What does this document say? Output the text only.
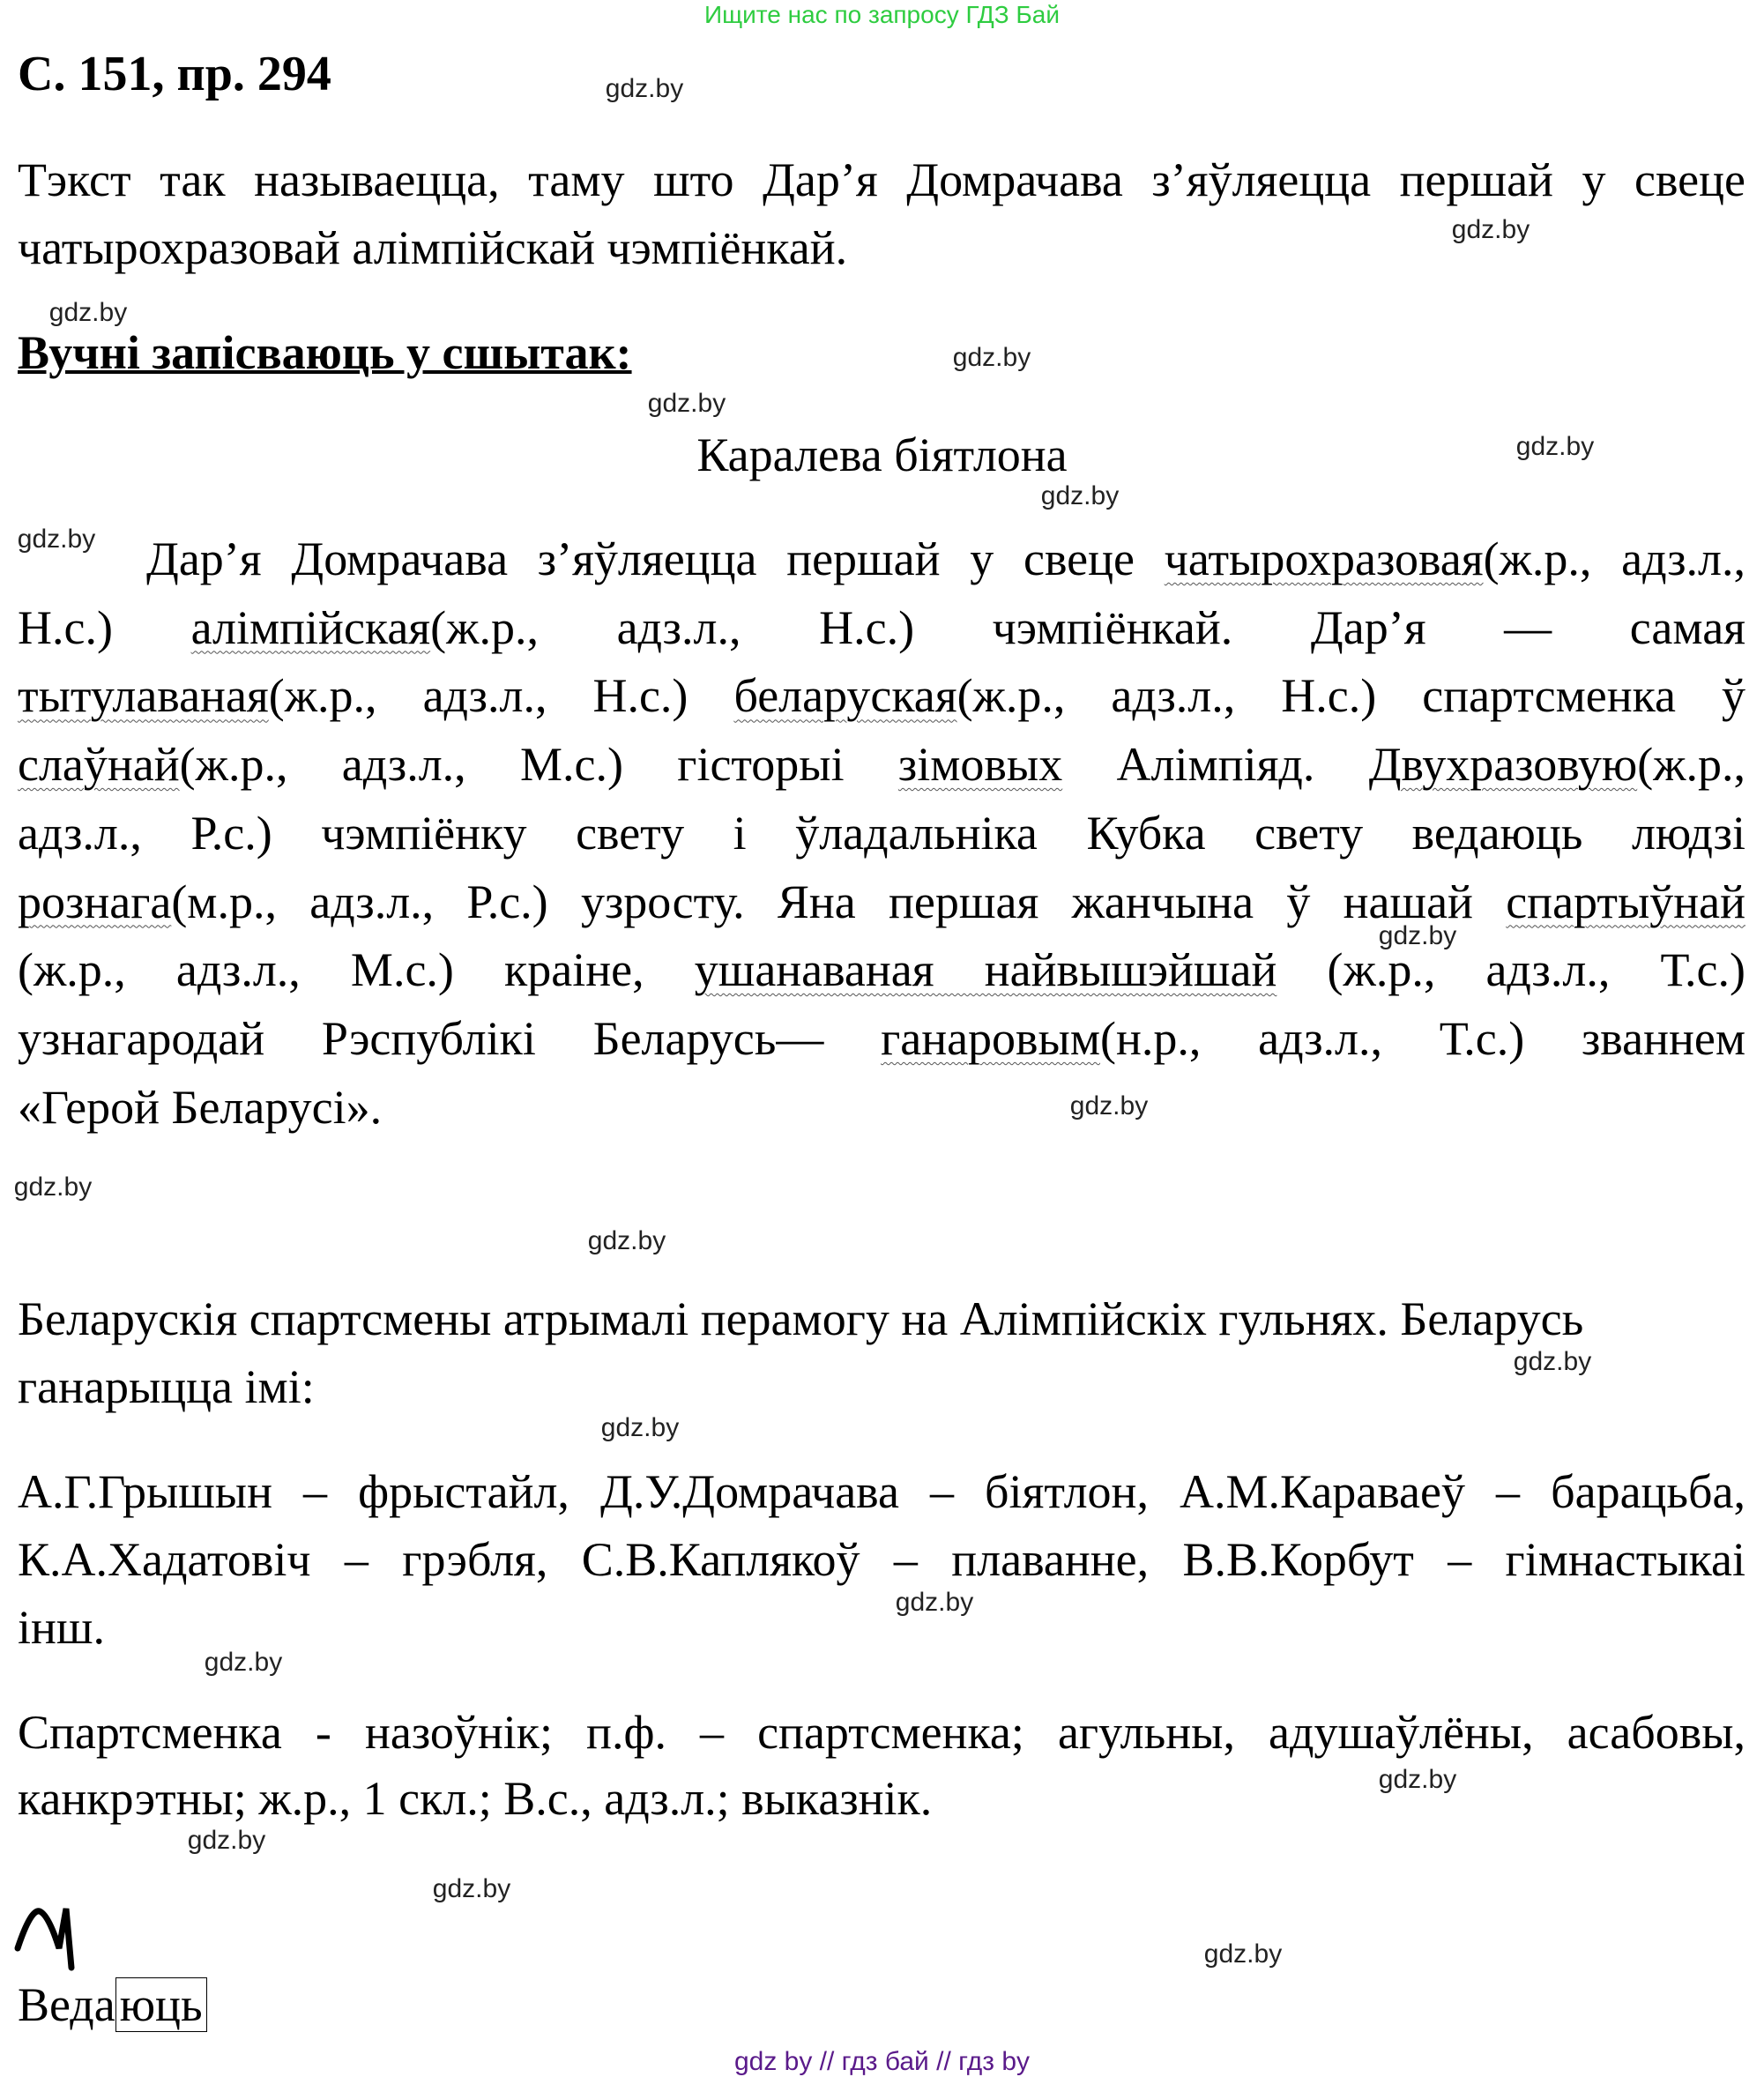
Ищите нас по запросу ГДЗ Бай
С. 151, пр. 294
Тэкст так называецца, таму што Дар’я Домрачава з’яўляецца першай у свеце
чатырохразовай алімпійскай чэмпіёнкай.
Вучні запісваюць у сшытак:
Каралева біятлона
Дар’я Домрачава з’яўляецца першай у свеце чатырохразовая(ж.р., адз.л.,
Н.с.) алімпійская(ж.р., адз.л., Н.с.) чэмпіёнкай. Дар’я — самая
тытулаваная(ж.р., адз.л., Н.с.) беларуская(ж.р., адз.л., Н.с.) спартсменка ў
слаўнай(ж.р., адз.л., М.с.) гісторыі зімовых Алімпіяд. Двухразовую(ж.р.,
адз.л., Р.с.) чэмпіёнку свету і ўладальніка Кубка свету ведаюць людзі
рознага(м.р., адз.л., Р.с.) узросту. Яна першая жанчына ў нашай спартыўнай
(ж.р., адз.л., М.с.) краіне, ушанаваная найвышэйшай (ж.р., адз.л., Т.с.)
узнагародай Рэспублікі Беларусь— ганаровым(н.р., адз.л., Т.с.) званнем
«Герой Беларусі».
Беларускія спартсмены атрымалі перамогу на Алімпійскіх гульнях. Беларусь
ганарыцца імі:
А.Г.Грышын – фрыстайл, Д.У.Домрачава – біятлон, А.М.Караваеў – барацьба,
К.А.Хадатовіч – грэбля, С.В.Каплякоў – плаванне, В.В.Корбут – гімнастыкаі
інш.
Спартсменка - назоўнік; п.ф. – спартсменка; агульны, адушаўлёны, асабовы,
канкрэтны; ж.р., 1 скл.; В.с., адз.л.; выказнік.
Ведаюць
gdz by // гдз бай // гдз by
gdz.by
gdz.by
gdz.by
gdz.by
gdz.by
gdz.by
gdz.by
gdz.by
gdz.by
gdz.by
gdz.by
gdz.by
gdz.by
gdz.by
gdz.by
gdz.by
gdz.by
gdz.by
gdz.by
gdz.by
